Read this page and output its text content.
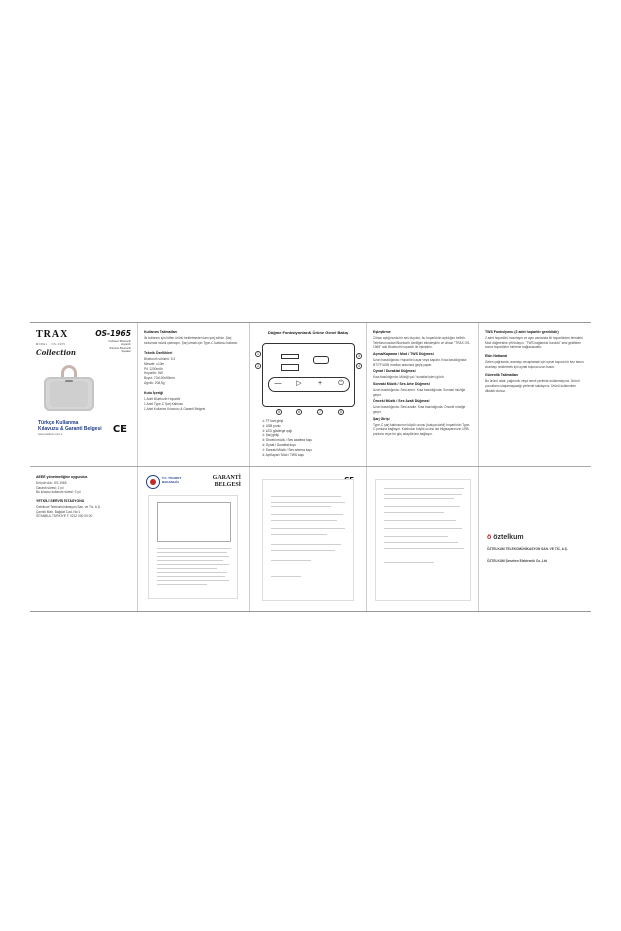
TRAX
MODEL · OS-1965
Collection
OS-1965
Kablosuz Bluetooth
Hoparlör
Wireless Bluetooth
Speaker
Türkçe Kullanma
Kılavuzu & Garanti Belgesi
www.oztelkum.com.tr	CE
Kullanım Talimatları
İlk kullanım için lütfen ürünü bekletmeden tam şarj ediniz. Şarj sırasında müzik çalmayın. Şarj olmak için Type-C kablosu kullanın.
Teknik Özellikleri
Bluetooth sürümü: 5.3
Mesafe: ≥10m
Pil: 1200mAh
Hoparlör: 5W
Boyut: 70x100x50mm
Ağırlık: 208,5g
Kutu İçeriği
1 Adet Bluetooth Hoparlör
1 Adet Type-C Şarj Kablosu
1 Adet Kullanım Kılavuzu & Garanti Belgesi
Düğme Fonksiyonları& Ürüne Genel Bakış
—	▷	+	⏻
1
2
3
4
5	6	7	8
① TF kart girişi
② USB portu
③ LED gösterge ışığı
④ Şarj girişi
⑤ Önceki müzik / Ses azaltma tuşu
⑥ Oynat / Duraklat tuşu
⑦ Sonraki Müzik / Ses artırma tuşu
⑧ Aç/Kapat / Mod / TWS tuşu
Eşleştirme
Cihazı açtığınızda bir ses duyulur, bu hoparlörün açıldığını belirtir. Telefonunuzdan Bluetooth özelliğini etkinleştirin ve cihazı "TRAX OS-1965" adlı Bluetooth hoparlör ile eşleştirin.
Açma/Kapama / Mod / TWS Düğmesi
Uzun basıldığında: Hoparlörü açar veya kapatır. Kısa basıldığında: BT/TF/USB modları arasında geçiş yapar.
Oynat / Duraklat Düğmesi
Kısa basıldığında: Müziği çal / duraklat işlevi görür.
Sonraki Müzik / Ses Artır Düğmesi
Uzun basıldığında: Sesi artırır. Kısa basıldığında: Sonraki müziğe geçer.
Önceki Müzik / Ses Azalt Düğmesi
Uzun basıldığında: Sesi azaltır. Kısa basıldığında: Önceki müziğe geçer.
Şarj Girişi
Type-C şarj kablosunun küçük ucunu (kutuya dahil) hoparlörün Type-C portuna bağlayın. Kablonun büyük ucunu ise bilgisayarınızın USB portuna veya bir güç adaptörüne bağlayın.
TWS Fonksiyonu (2 adet hoparlör gereklidir)
2 adet hoparlörü hazırlayın ve aynı zamanda iki hoparlörden birindeki Mod düğmesine çift tıklayın. "TWS bağlantısı kuruldu" sesi geldikten sonra hoparlörler birbirine bağlanacaktır.
Ekin Notlanai
Gelen çağrılarda, aramayı cevaplamak için oynat tuşuna bir kez basın. Aramayı reddetmek için oynat tuşuna uzun basın.
Güvenlik Talimatları
Bu ürünü ıslak, yağmurlu veya nemli yerlerde kullanmayınız. Ürünü çocukların ulaşamayacağı yerlerde saklayınız. Ürünü kullanırken dikkatli olunuz.
AEEE yönetmeliğine uygundur.
Ürünün Adı: OS-1965
Garanti süresi: 2 yıl
Bu kılavuz kullanım süresi: 3 yıl
YETKİLİ SERVİS İSTASYONU
Öztelkum Telekomünikasyon San. ve Tic. A.Ş.
Çamlık Mah. Bağdat Cad. No:1
İSTANBUL TÜRKİYE T: 0212 000 00 00
T.C. TİCARET
BAKANLIĞI
GARANTİ
BELGESİ
ö öztelkum
ÖZTELKUM TELEKOMÜNİKASYON SAN. VE TİC. A.Ş.
ÖZTELKUM Şenzhen Elektronik Co.,Ltd
